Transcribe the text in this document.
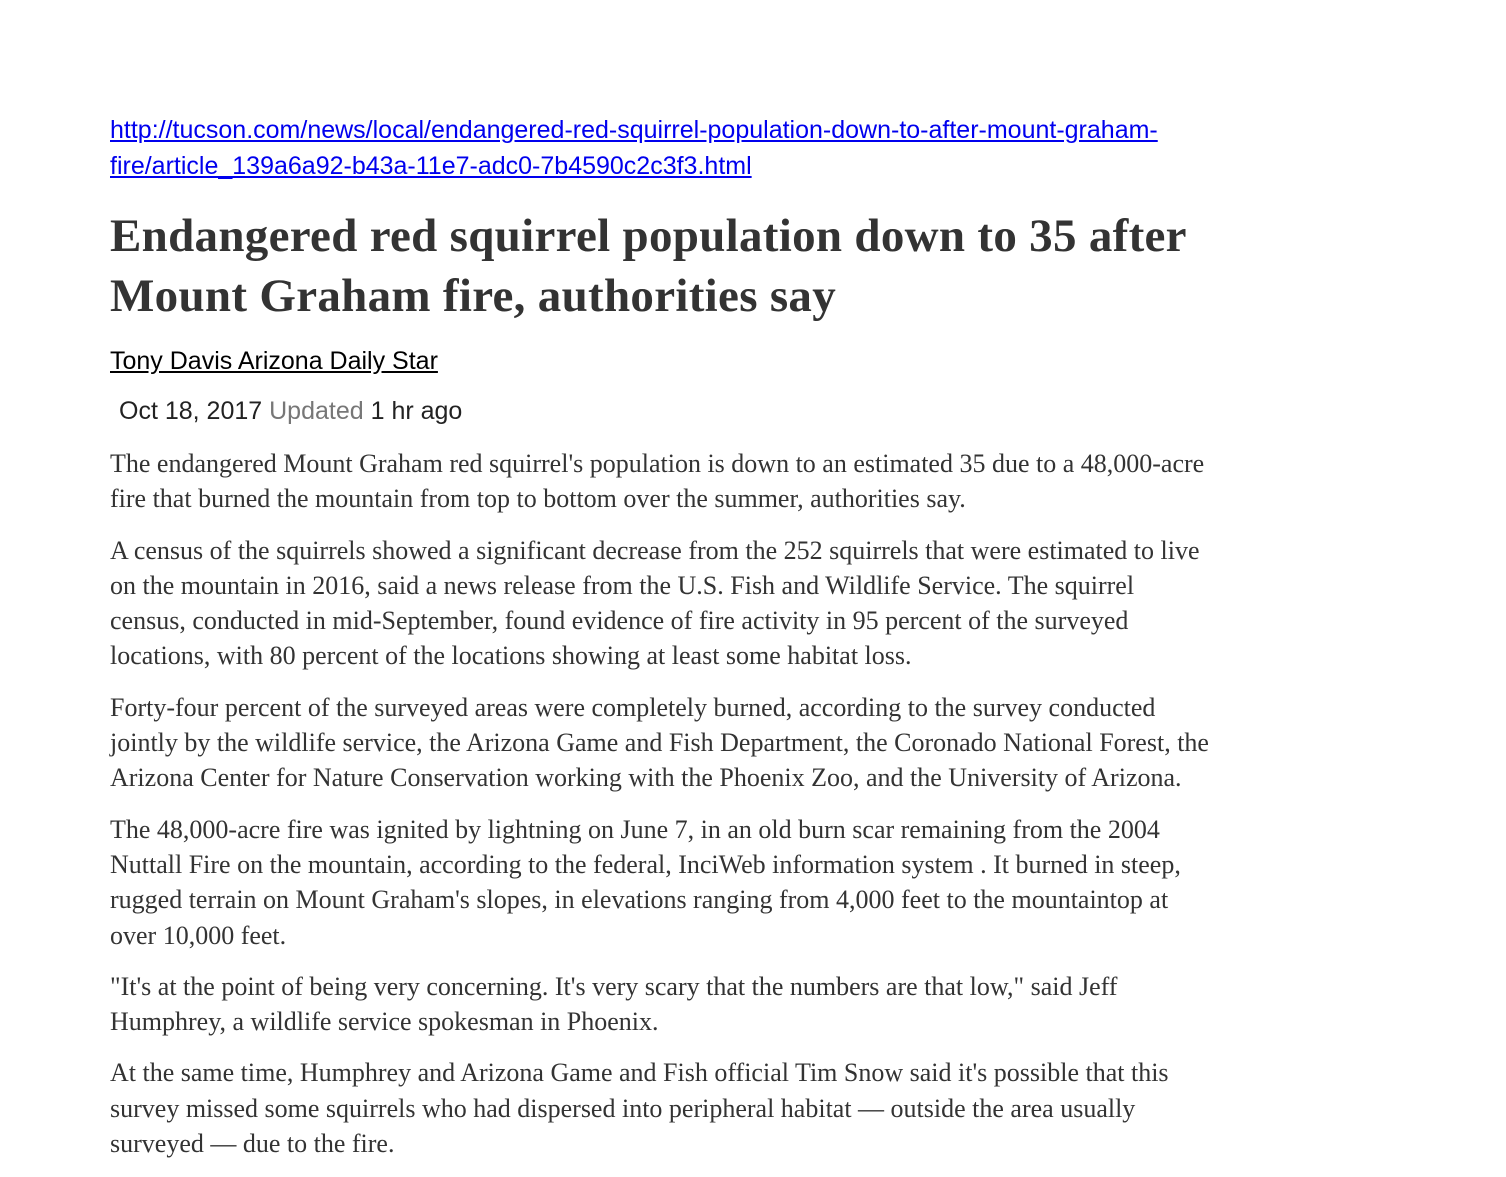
http://tucson.com/news/local/endangered-red-squirrel-population-down-to-after-mount-graham-
fire/article_139a6a92-b43a-11e7-adc0-7b4590c2c3f3.html
Endangered red squirrel population down to 35 after
Mount Graham fire, authorities say
Tony Davis Arizona Daily Star
Oct 18, 2017 Updated 1 hr ago

The endangered Mount Graham red squirrel's population is down to an estimated 35 due to a 48,000-acre
fire that burned the mountain from top to bottom over the summer, authorities say.

A census of the squirrels showed a significant decrease from the 252 squirrels that were estimated to live
on the mountain in 2016, said a news release from the U.S. Fish and Wildlife Service. The squirrel
census, conducted in mid-September, found evidence of fire activity in 95 percent of the surveyed
locations, with 80 percent of the locations showing at least some habitat loss.

Forty-four percent of the surveyed areas were completely burned, according to the survey conducted
jointly by the wildlife service, the Arizona Game and Fish Department, the Coronado National Forest, the
Arizona Center for Nature Conservation working with the Phoenix Zoo, and the University of Arizona.

The 48,000-acre fire was ignited by lightning on June 7, in an old burn scar remaining from the 2004
Nuttall Fire on the mountain, according to the federal, InciWeb information system . It burned in steep,
rugged terrain on Mount Graham's slopes, in elevations ranging from 4,000 feet to the mountaintop at
over 10,000 feet.

"It's at the point of being very concerning. It's very scary that the numbers are that low," said Jeff
Humphrey, a wildlife service spokesman in Phoenix.

At the same time, Humphrey and Arizona Game and Fish official Tim Snow said it's possible that this
survey missed some squirrels who had dispersed into peripheral habitat — outside the area usually
surveyed — due to the fire.
